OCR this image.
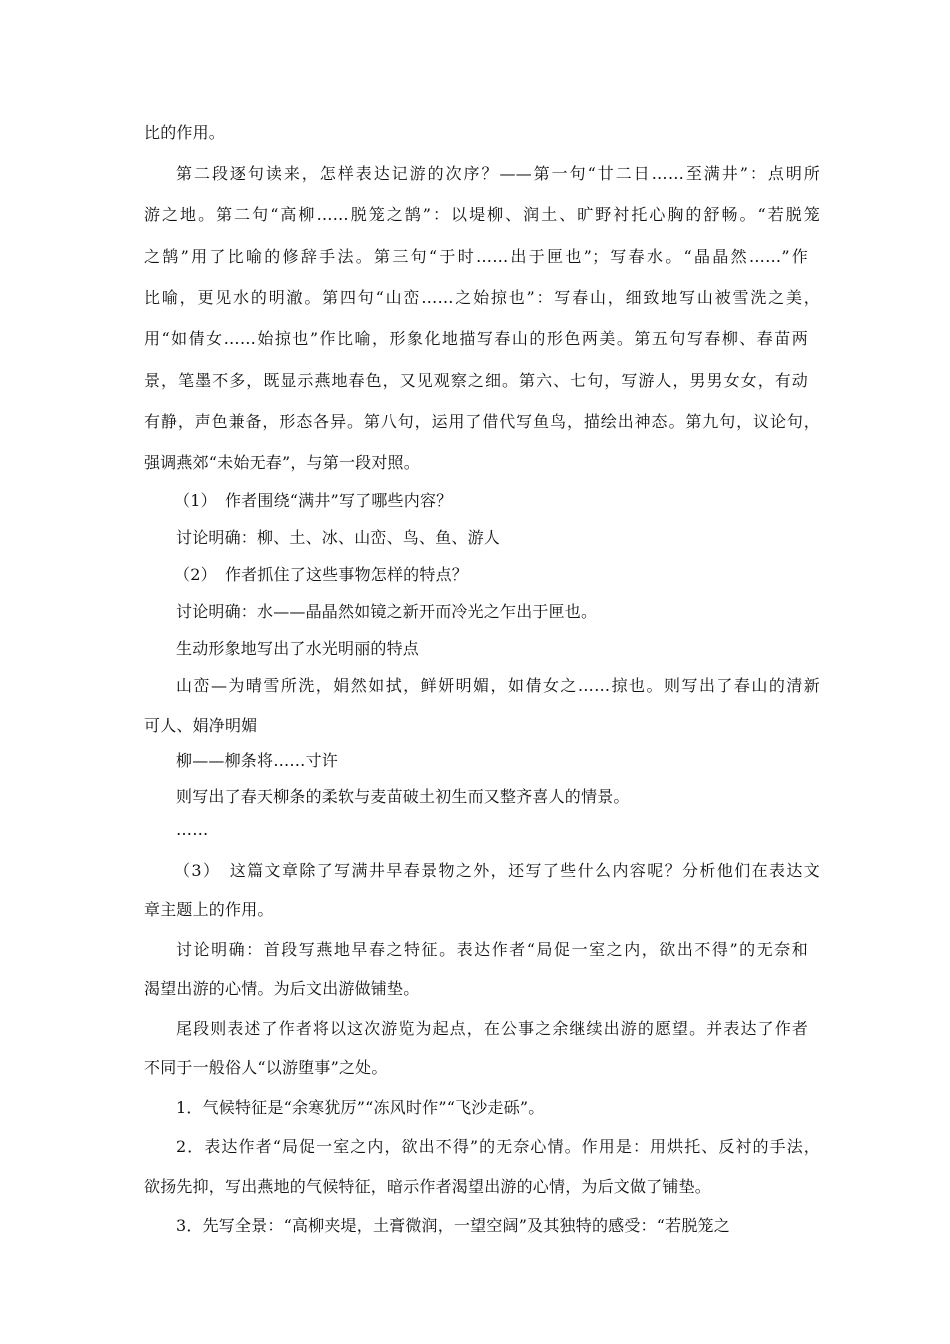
比的作用。
第二段逐句读来，怎样表达记游的次序？——第一句“廿二日……至满井”：点明所
游之地。第二句“高柳……脱笼之鹄”：以堤柳、润土、旷野衬托心胸的舒畅。“若脱笼
之鹄”用了比喻的修辞手法。第三句“于时……出于匣也”；写春水。“晶晶然……”作
比喻，更见水的明澈。第四句“山峦……之始掠也”：写春山，细致地写山被雪洗之美，
用“如倩女……始掠也”作比喻，形象化地描写春山的形色两美。第五句写春柳、春苗两
景，笔墨不多，既显示燕地春色，又见观察之细。第六、七句，写游人，男男女女，有动
有静，声色兼备，形态各异。第八句，运用了借代写鱼鸟，描绘出神态。第九句，议论句，
强调燕郊“未始无春”，与第一段对照。
（1）　作者围绕“满井”写了哪些内容？
讨论明确：柳、土、冰、山峦、鸟、鱼、游人
（2）　作者抓住了这些事物怎样的特点？
讨论明确：水——晶晶然如镜之新开而冷光之乍出于匣也。
生动形象地写出了水光明丽的特点
山峦—为晴雪所洗，娟然如拭，鲜妍明媚，如倩女之……掠也。则写出了春山的清新
可人、娟净明媚
柳——柳条将……寸许
则写出了春天柳条的柔软与麦苗破土初生而又整齐喜人的情景。
……
（3）　这篇文章除了写满井早春景物之外，还写了些什么内容呢？分析他们在表达文
章主题上的作用。
讨论明确：首段写燕地早春之特征。表达作者“局促一室之内，欲出不得”的无奈和
渴望出游的心情。为后文出游做铺垫。
尾段则表述了作者将以这次游览为起点，在公事之余继续出游的愿望。并表达了作者
不同于一般俗人“以游堕事”之处。
1．气候特征是“余寒犹厉”“冻风时作”“飞沙走砾”。
2．表达作者“局促一室之内，欲出不得”的无奈心情。作用是：用烘托、反衬的手法，
欲扬先抑，写出燕地的气候特征，暗示作者渴望出游的心情，为后文做了铺垫。
3．先写全景：“高柳夹堤，土膏微润，一望空阔”及其独特的感受：“若脱笼之
